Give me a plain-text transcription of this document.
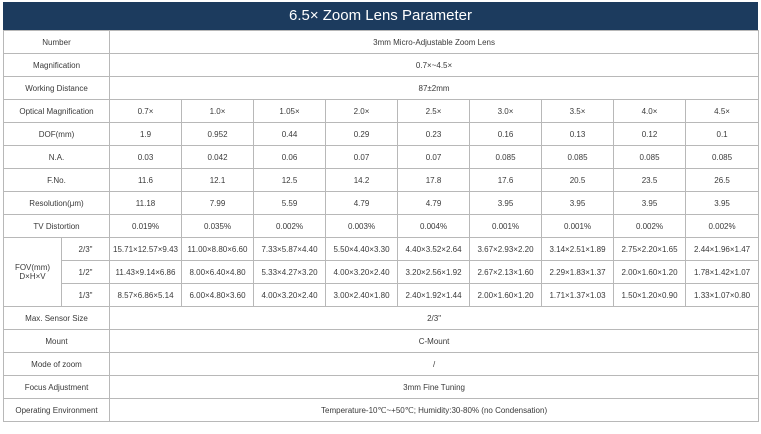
6.5× Zoom Lens Parameter
Number		3mm Micro-Adjustable Zoom Lens								
Magnification		0.7×~4.5×								
Working Distance		87±2mm								
Optical Magnification		0.7×	1.0×	1.05×	2.0×	2.5×	3.0×	3.5×	4.0×	4.5×
DOF(mm)		1.9	0.952	0.44	0.29	0.23	0.16	0.13	0.12	0.1
N.A.		0.03	0.042	0.06	0.07	0.07	0.085	0.085	0.085	0.085
F.No.		11.6	12.1	12.5	14.2	17.8	17.6	20.5	23.5	26.5
Resolution(μm)		11.18	7.99	5.59	4.79	4.79	3.95	3.95	3.95	3.95
TV Distortion		0.019%	0.035%	0.002%	0.003%	0.004%	0.001%	0.001%	0.002%	0.002%

FOV(mm)
D×H×V	2/3"	15.71×12.57×9.43	11.00×8.80×6.60	7.33×5.87×4.40	5.50×4.40×3.30	4.40×3.52×2.64	3.67×2.93×2.20	3.14×2.51×1.89	2.75×2.20×1.65	2.44×1.96×1.47
	1/2"	11.43×9.14×6.86	8.00×6.40×4.80	5.33×4.27×3.20	4.00×3.20×2.40	3.20×2.56×1.92	2.67×2.13×1.60	2.29×1.83×1.37	2.00×1.60×1.20	1.78×1.42×1.07
	1/3"	8.57×6.86×5.14	6.00×4.80×3.60	4.00×3.20×2.40	3.00×2.40×1.80	2.40×1.92×1.44	2.00×1.60×1.20	1.71×1.37×1.03	1.50×1.20×0.90	1.33×1.07×0.80
Max. Sensor Size		2/3"								
Mount		C-Mount								
Mode of zoom		/								
Focus Adjustment		3mm Fine Tuning								
Operating Environment		Temperature-10℃~+50℃; Humidity:30-80% (no Condensation)								
